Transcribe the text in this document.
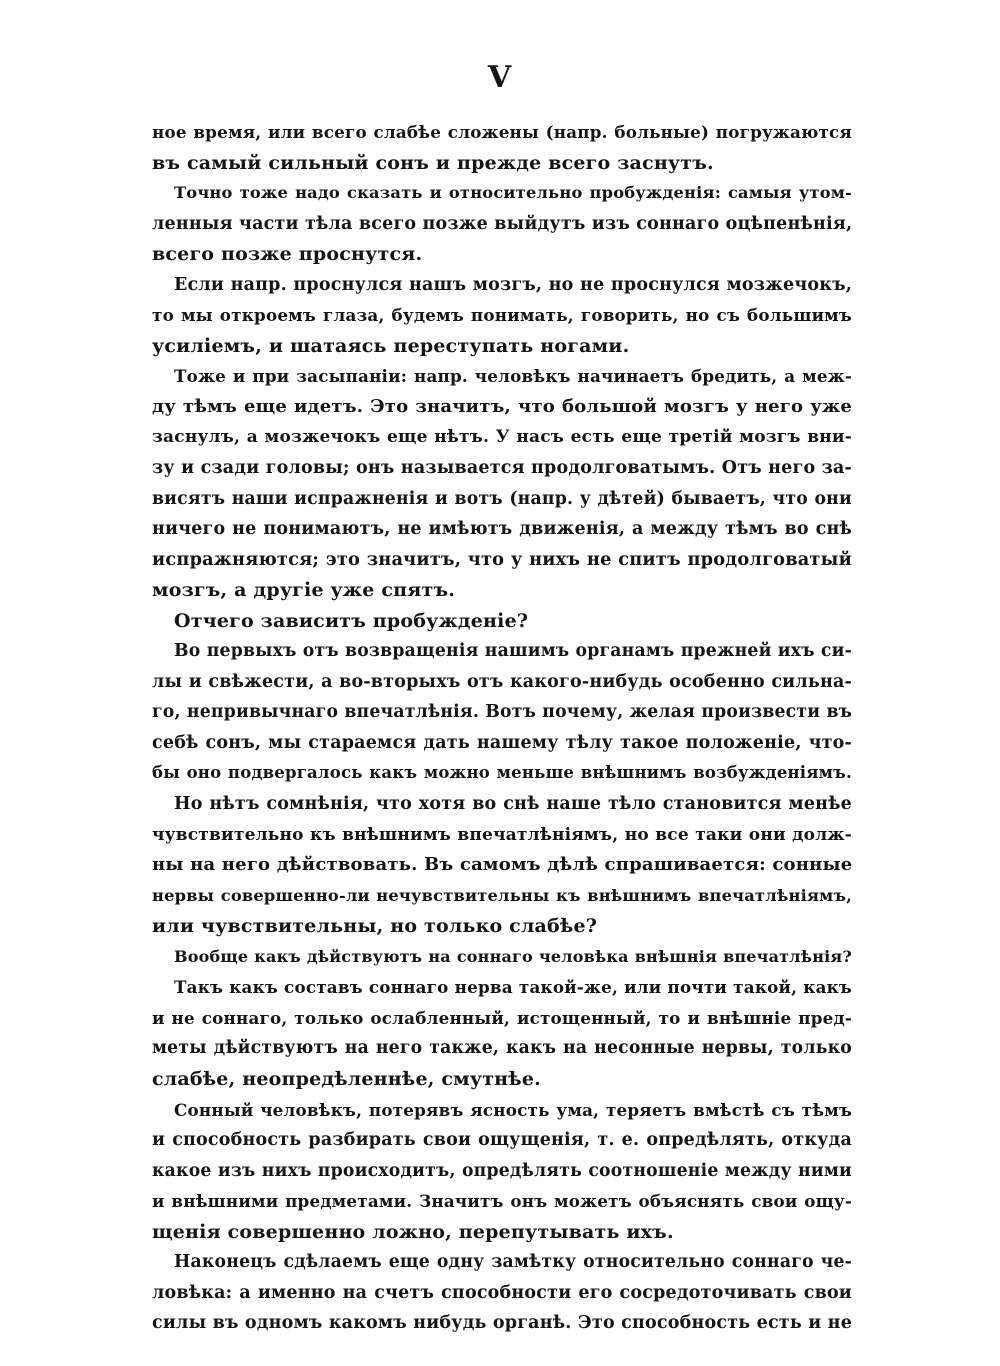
V
ное время, или всего слабѣе сложены (напр. больные) погружаются
въ самый сильный сонъ и прежде всего заснутъ.
Точно тоже надо сказать и относительно пробужденія: самыя утом-
ленныя части тѣла всего позже выйдутъ изъ соннаго оцѣпенѣнія,
всего позже проснутся.
Если напр. проснулся нашъ мозгъ, но не проснулся мозжечокъ,
то мы откроемъ глаза, будемъ понимать, говорить, но съ большимъ
усиліемъ, и шатаясь переступать ногами.
Тоже и при засыпаніи: напр. человѣкъ начинаетъ бредить, а меж-
ду тѣмъ еще идетъ. Это значитъ, что большой мозгъ у него уже
заснулъ, а мозжечокъ еще нѣтъ. У насъ есть еще третій мозгъ вни-
зу и сзади головы; онъ называется продолговатымъ. Отъ него за-
висятъ наши испражненія и вотъ (напр. у дѣтей) бываетъ, что они
ничего не понимаютъ, не имѣютъ движенія, а между тѣмъ во снѣ
испражняются; это значитъ, что у нихъ не спитъ продолговатый
мозгъ, а другіе уже спятъ.
Отчего зависитъ пробужденіе?
Во первыхъ отъ возвращенія нашимъ органамъ прежней ихъ си-
лы и свѣжести, а во-вторыхъ отъ какого-нибудь особенно сильна-
го, непривычнаго впечатлѣнія. Вотъ почему, желая произвести въ
себѣ сонъ, мы стараемся дать нашему тѣлу такое положеніе, что-
бы оно подвергалось какъ можно меньше внѣшнимъ возбужденіямъ.
Но нѣтъ сомнѣнія, что хотя во снѣ наше тѣло становится менѣе
чувствительно къ внѣшнимъ впечатлѣніямъ, но все таки они долж-
ны на него дѣйствовать. Въ самомъ дѣлѣ спрашивается: сонные
нервы совершенно-ли нечувствительны къ внѣшнимъ впечатлѣніямъ,
или чувствительны, но только слабѣе?
Вообще какъ дѣйствуютъ на соннаго человѣка внѣшнія впечатлѣнія?
Такъ какъ составъ соннаго нерва такой-же, или почти такой, какъ
и не соннаго, только ослабленный, истощенный, то и внѣшніе пред-
меты дѣйствуютъ на него также, какъ на несонные нервы, только
слабѣе, неопредѣленнѣе, смутнѣе.
Сонный человѣкъ, потерявъ ясность ума, теряетъ вмѣстѣ съ тѣмъ
и способность разбирать свои ощущенія, т. е. опредѣлять, откуда
какое изъ нихъ происходитъ, опредѣлять соотношеніе между ними
и внѣшними предметами. Значитъ онъ можетъ объяснять свои ощу-
щенія совершенно ложно, перепутывать ихъ.
Наконецъ сдѣлаемъ еще одну замѣтку относительно соннаго че-
ловѣка: а именно на счетъ способности его сосредоточивать свои
силы въ одномъ какомъ нибудь органѣ. Это способность есть и не
